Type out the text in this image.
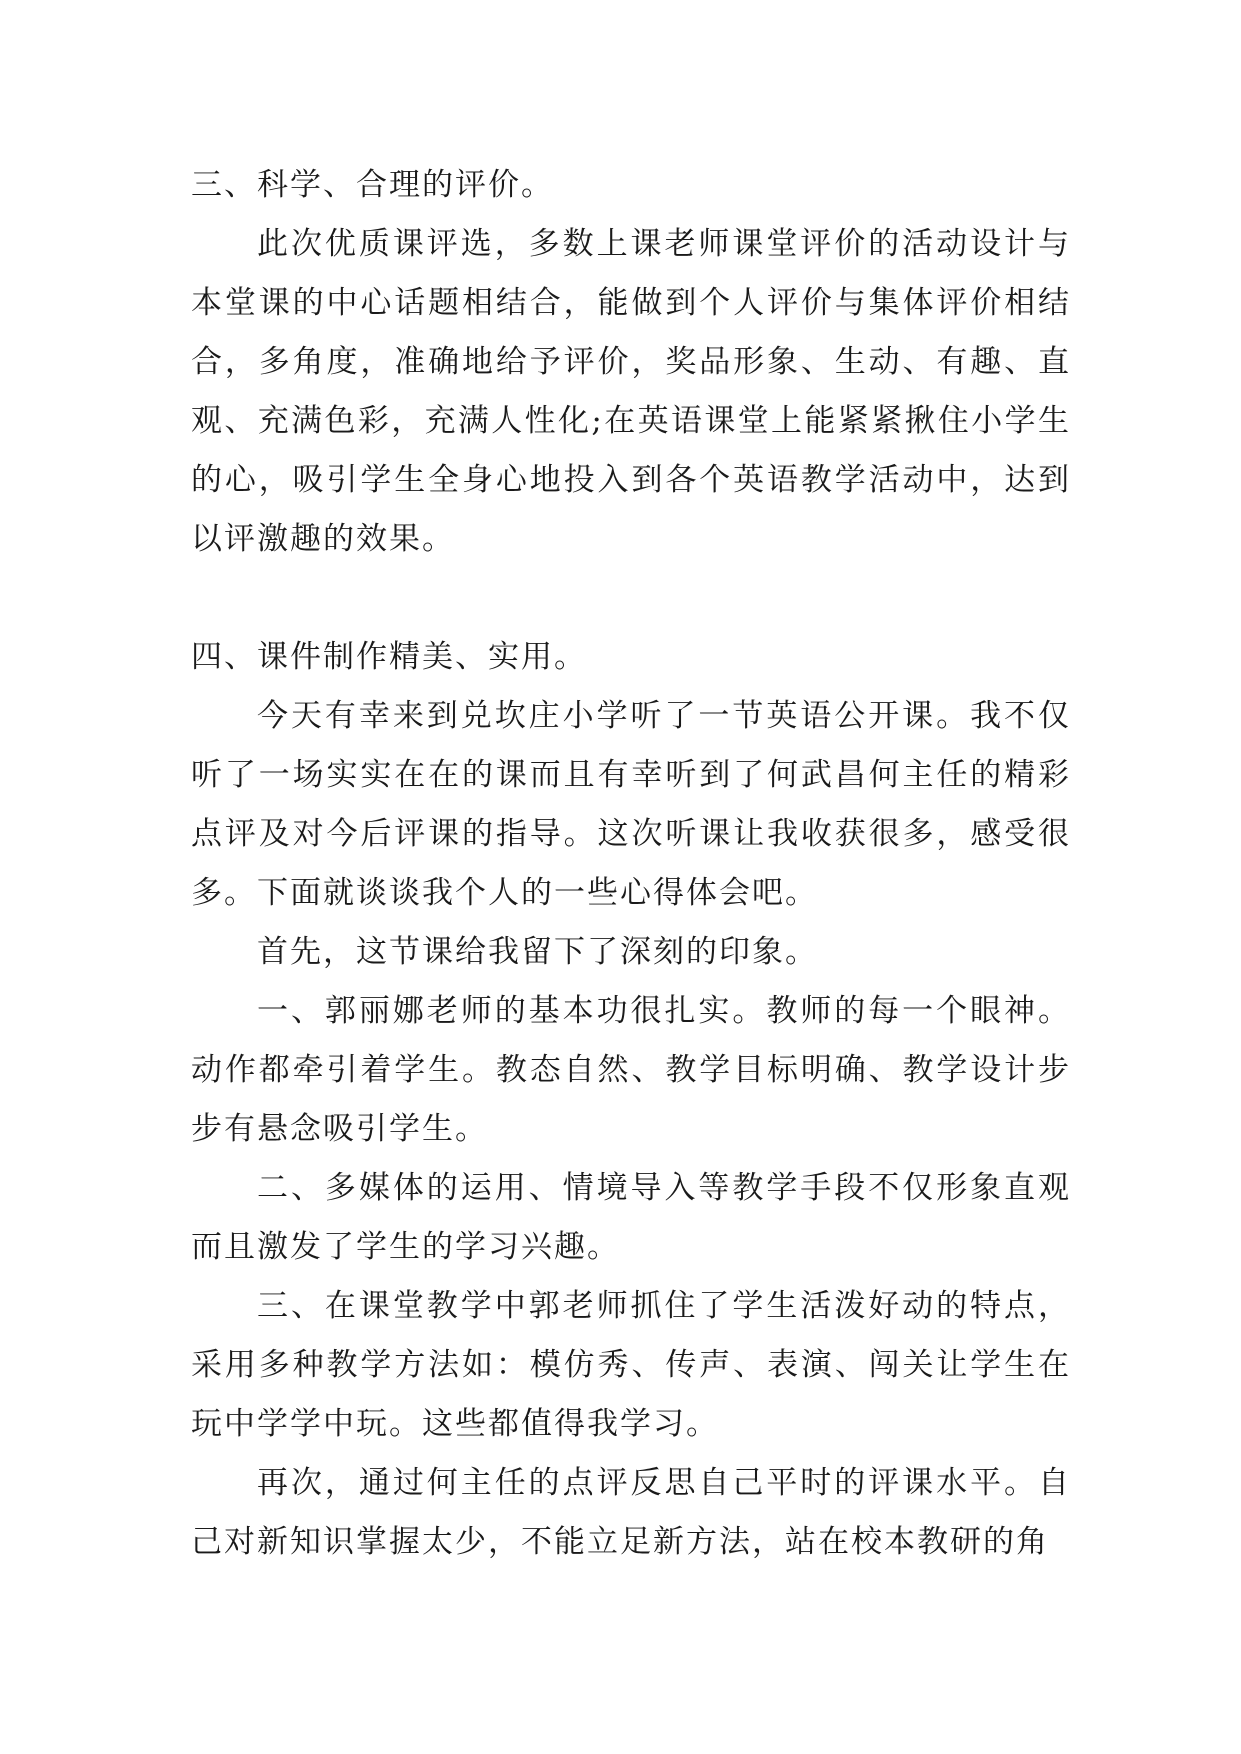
三、科学、合理的评价。
此次优质课评选，多数上课老师课堂评价的活动设计与本堂课的中心话题相结合，能做到个人评价与集体评价相结合，多角度，准确地给予评价，奖品形象、生动、有趣、直观、充满色彩，充满人性化;在英语课堂上能紧紧揪住小学生的心，吸引学生全身心地投入到各个英语教学活动中，达到以评激趣的效果。
四、课件制作精美、实用。
今天有幸来到兑坎庄小学听了一节英语公开课。我不仅听了一场实实在在的课而且有幸听到了何武昌何主任的精彩点评及对今后评课的指导。这次听课让我收获很多，感受很多。下面就谈谈我个人的一些心得体会吧。
首先，这节课给我留下了深刻的印象。
一、郭丽娜老师的基本功很扎实。教师的每一个眼神。动作都牵引着学生。教态自然、教学目标明确、教学设计步步有悬念吸引学生。
二、多媒体的运用、情境导入等教学手段不仅形象直观而且激发了学生的学习兴趣。
三、在课堂教学中郭老师抓住了学生活泼好动的特点，采用多种教学方法如：模仿秀、传声、表演、闯关让学生在玩中学学中玩。这些都值得我学习。
再次，通过何主任的点评反思自己平时的评课水平。自己对新知识掌握太少，不能立足新方法，站在校本教研的角
